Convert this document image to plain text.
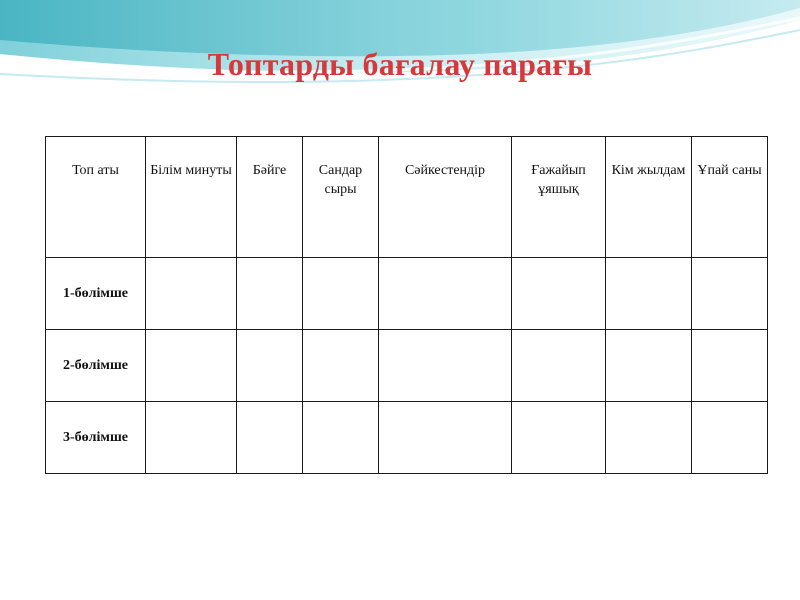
Топтарды бағалау парағы
Топ аты	Білім минуты	Бәйге	Сандар сыры	Сәйкестендір	Ғажайып ұяшық	Кім жылдам	Ұпай саны

1-бөлімше							
2-бөлімше							
3-бөлімше							
